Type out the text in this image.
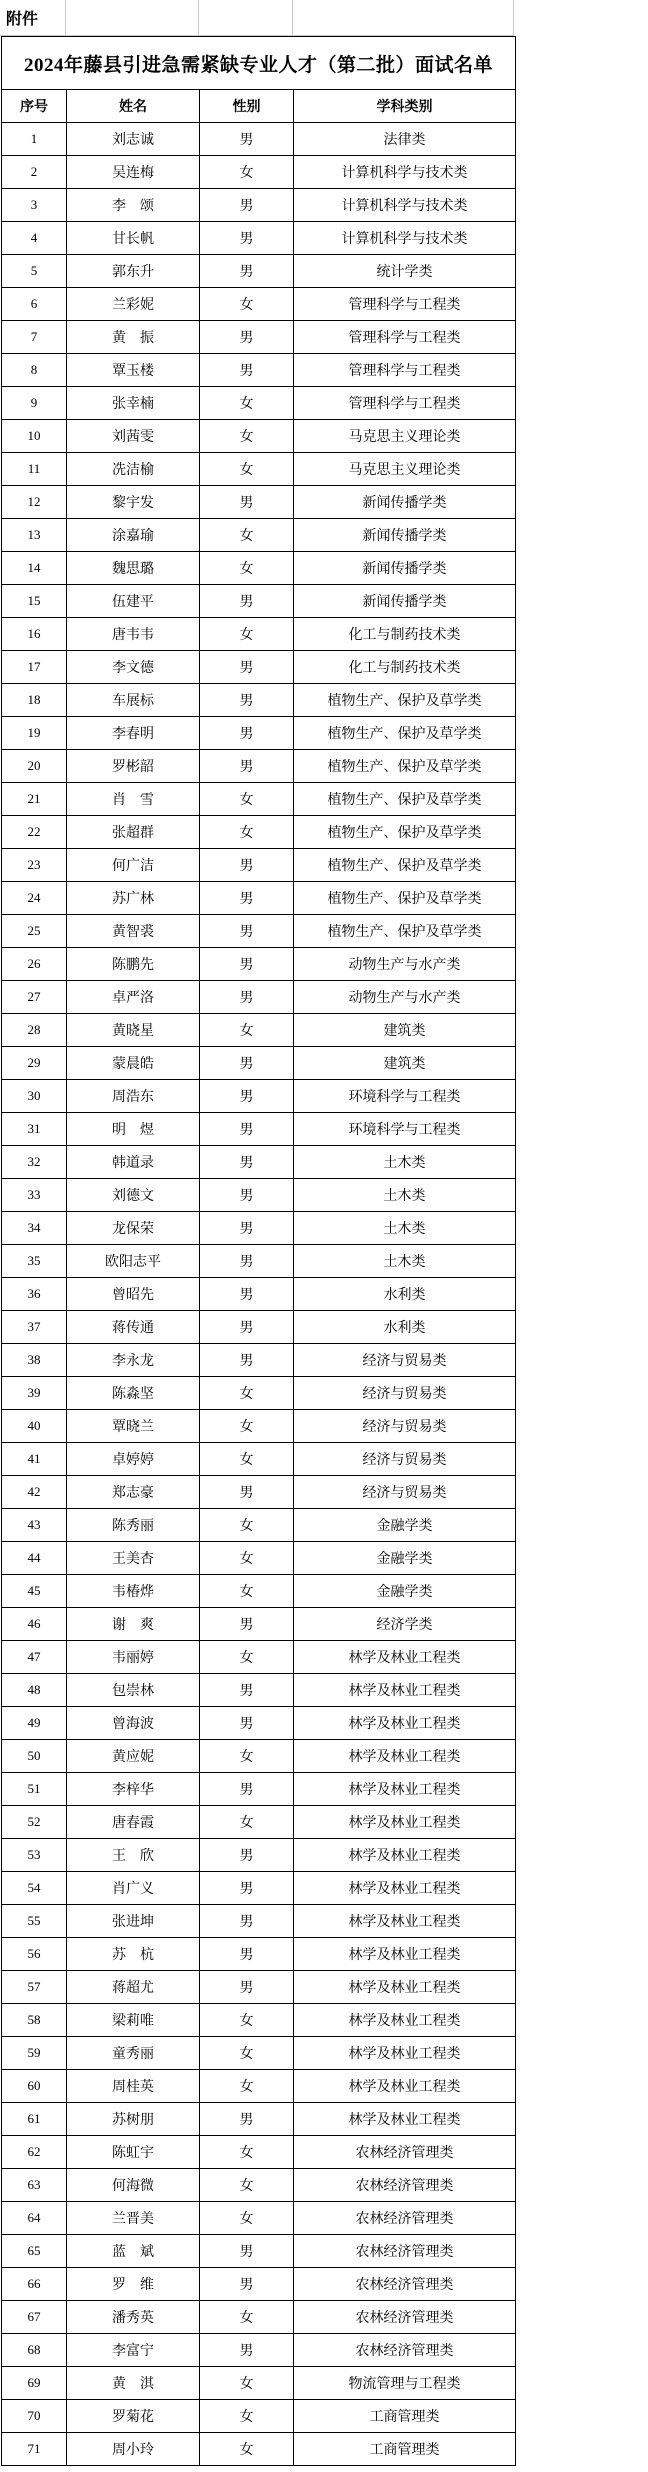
附件
2024年藤县引进急需紧缺专业人才（第二批）面试名单			
序号	姓名	性别	学科类别
1	刘志诚	男	法律类
2	吴连梅	女	计算机科学与技术类
3	李　颂	男	计算机科学与技术类
4	甘长帆	男	计算机科学与技术类
5	郭东升	男	统计学类
6	兰彩妮	女	管理科学与工程类
7	黄　振	男	管理科学与工程类
8	覃玉楼	男	管理科学与工程类
9	张幸楠	女	管理科学与工程类
10	刘茜雯	女	马克思主义理论类
11	冼洁榆	女	马克思主义理论类
12	黎宇发	男	新闻传播学类
13	涂嘉瑜	女	新闻传播学类
14	魏思璐	女	新闻传播学类
15	伍建平	男	新闻传播学类
16	唐韦韦	女	化工与制药技术类
17	李文德	男	化工与制药技术类
18	车展标	男	植物生产、保护及草学类
19	李春明	男	植物生产、保护及草学类
20	罗彬韶	男	植物生产、保护及草学类
21	肖　雪	女	植物生产、保护及草学类
22	张超群	女	植物生产、保护及草学类
23	何广洁	男	植物生产、保护及草学类
24	苏广林	男	植物生产、保护及草学类
25	黄智裘	男	植物生产、保护及草学类
26	陈鹏先	男	动物生产与水产类
27	卓严洛	男	动物生产与水产类
28	黄晓星	女	建筑类
29	蒙晨皓	男	建筑类
30	周浩东	男	环境科学与工程类
31	明　煜	男	环境科学与工程类
32	韩道录	男	土木类
33	刘德文	男	土木类
34	龙保荣	男	土木类
35	欧阳志平	男	土木类
36	曾昭先	男	水利类
37	蒋传通	男	水利类
38	李永龙	男	经济与贸易类
39	陈淼坚	女	经济与贸易类
40	覃晓兰	女	经济与贸易类
41	卓婷婷	女	经济与贸易类
42	郑志豪	男	经济与贸易类
43	陈秀丽	女	金融学类
44	王美杏	女	金融学类
45	韦椿烨	女	金融学类
46	谢　爽	男	经济学类
47	韦丽婷	女	林学及林业工程类
48	包崇林	男	林学及林业工程类
49	曾海波	男	林学及林业工程类
50	黄应妮	女	林学及林业工程类
51	李梓华	男	林学及林业工程类
52	唐春霞	女	林学及林业工程类
53	王　欣	男	林学及林业工程类
54	肖广义	男	林学及林业工程类
55	张进坤	男	林学及林业工程类
56	苏　杭	男	林学及林业工程类
57	蒋超尤	男	林学及林业工程类
58	梁莉唯	女	林学及林业工程类
59	童秀丽	女	林学及林业工程类
60	周桂英	女	林学及林业工程类
61	苏树朋	男	林学及林业工程类
62	陈虹宇	女	农林经济管理类
63	何海微	女	农林经济管理类
64	兰晋美	女	农林经济管理类
65	蓝　斌	男	农林经济管理类
66	罗　维	男	农林经济管理类
67	潘秀英	女	农林经济管理类
68	李富宁	男	农林经济管理类
69	黄　淇	女	物流管理与工程类
70	罗菊花	女	工商管理类
71	周小玲	女	工商管理类
